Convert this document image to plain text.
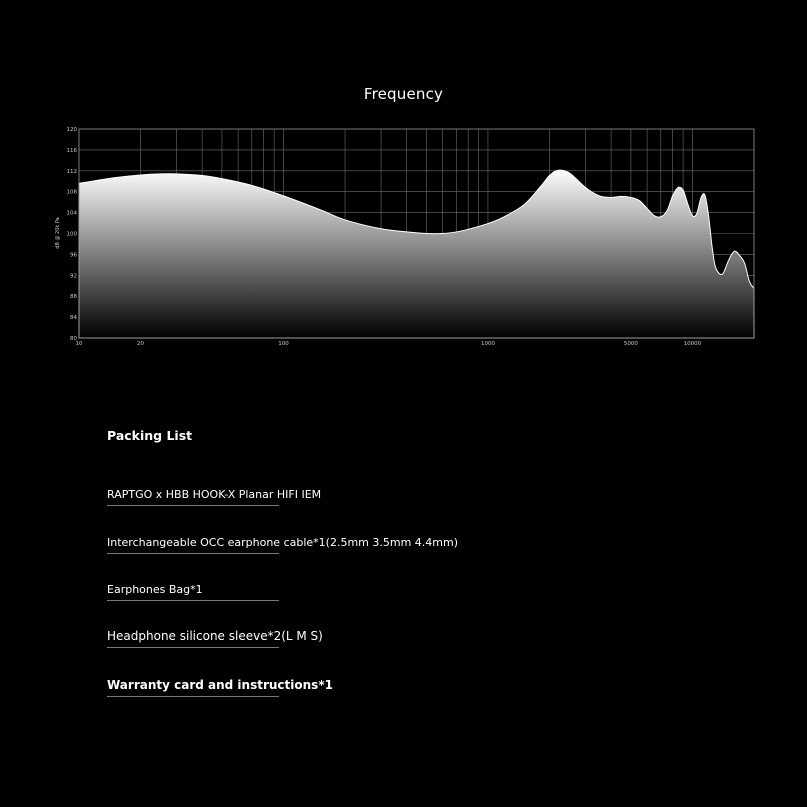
Frequency
120
116
112
108
104
100
96
92
88
84
80
10	20	100	1000	5000	10000
dB @ 20k Pa
Packing List
RAPTGO x HBB HOOK-X Planar HIFI IEM
Interchangeable OCC earphone cable*1(2.5mm 3.5mm 4.4mm)
Earphones Bag*1
Headphone silicone sleeve*2(L M S)
Warranty card and instructions*1
